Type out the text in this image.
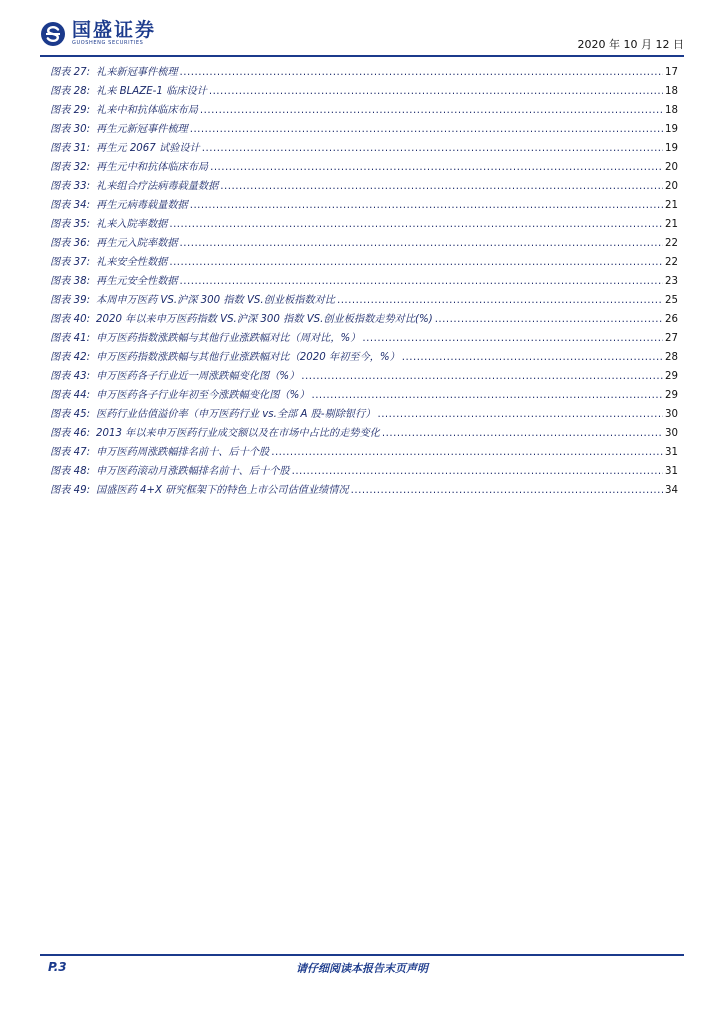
国盛证券
GUOSHENG SECURITIES	2020 年 10 月 12 日
图表 27: 礼来新冠事件梳理 .....	17
图表 28: 礼来 BLAZE-1 临床设计 .....	18
图表 29: 礼来中和抗体临床布局 .....	18
图表 30: 再生元新冠事件梳理 .....	19
图表 31: 再生元 2067 试验设计 .....	19
图表 32: 再生元中和抗体临床布局 .....	20
图表 33: 礼来组合疗法病毒载量数据 .....	20
图表 34: 再生元病毒载量数据 .....	21
图表 35: 礼来入院率数据 .....	21
图表 36: 再生元入院率数据 .....	22
图表 37: 礼来安全性数据 .....	22
图表 38: 再生元安全性数据 .....	23
图表 39: 本周申万医药 VS.沪深 300 指数 VS.创业板指数对比 .....	25
图表 40: 2020 年以来申万医药指数 VS.沪深 300 指数 VS.创业板指数走势对比(%) .....	26
图表 41: 申万医药指数涨跌幅与其他行业涨跌幅对比（周对比，%） .....	27
图表 42: 申万医药指数涨跌幅与其他行业涨跌幅对比（2020 年初至今，%） .....	28
图表 43: 申万医药各子行业近一周涨跌幅变化图（%） .....	29
图表 44: 申万医药各子行业年初至今涨跌幅变化图（%） .....	29
图表 45: 医药行业估值溢价率（申万医药行业 vs.全部 A 股-剔除银行） .....	30
图表 46: 2013 年以来申万医药行业成交额以及在市场中占比的走势变化 .....	30
图表 47: 申万医药周涨跌幅排名前十、后十个股 .....	31
图表 48: 申万医药滚动月涨跌幅排名前十、后十个股 .....	31
图表 49: 国盛医药 4+X 研究框架下的特色上市公司估值业绩情况 .....	34
P.3	请仔细阅读本报告末页声明
